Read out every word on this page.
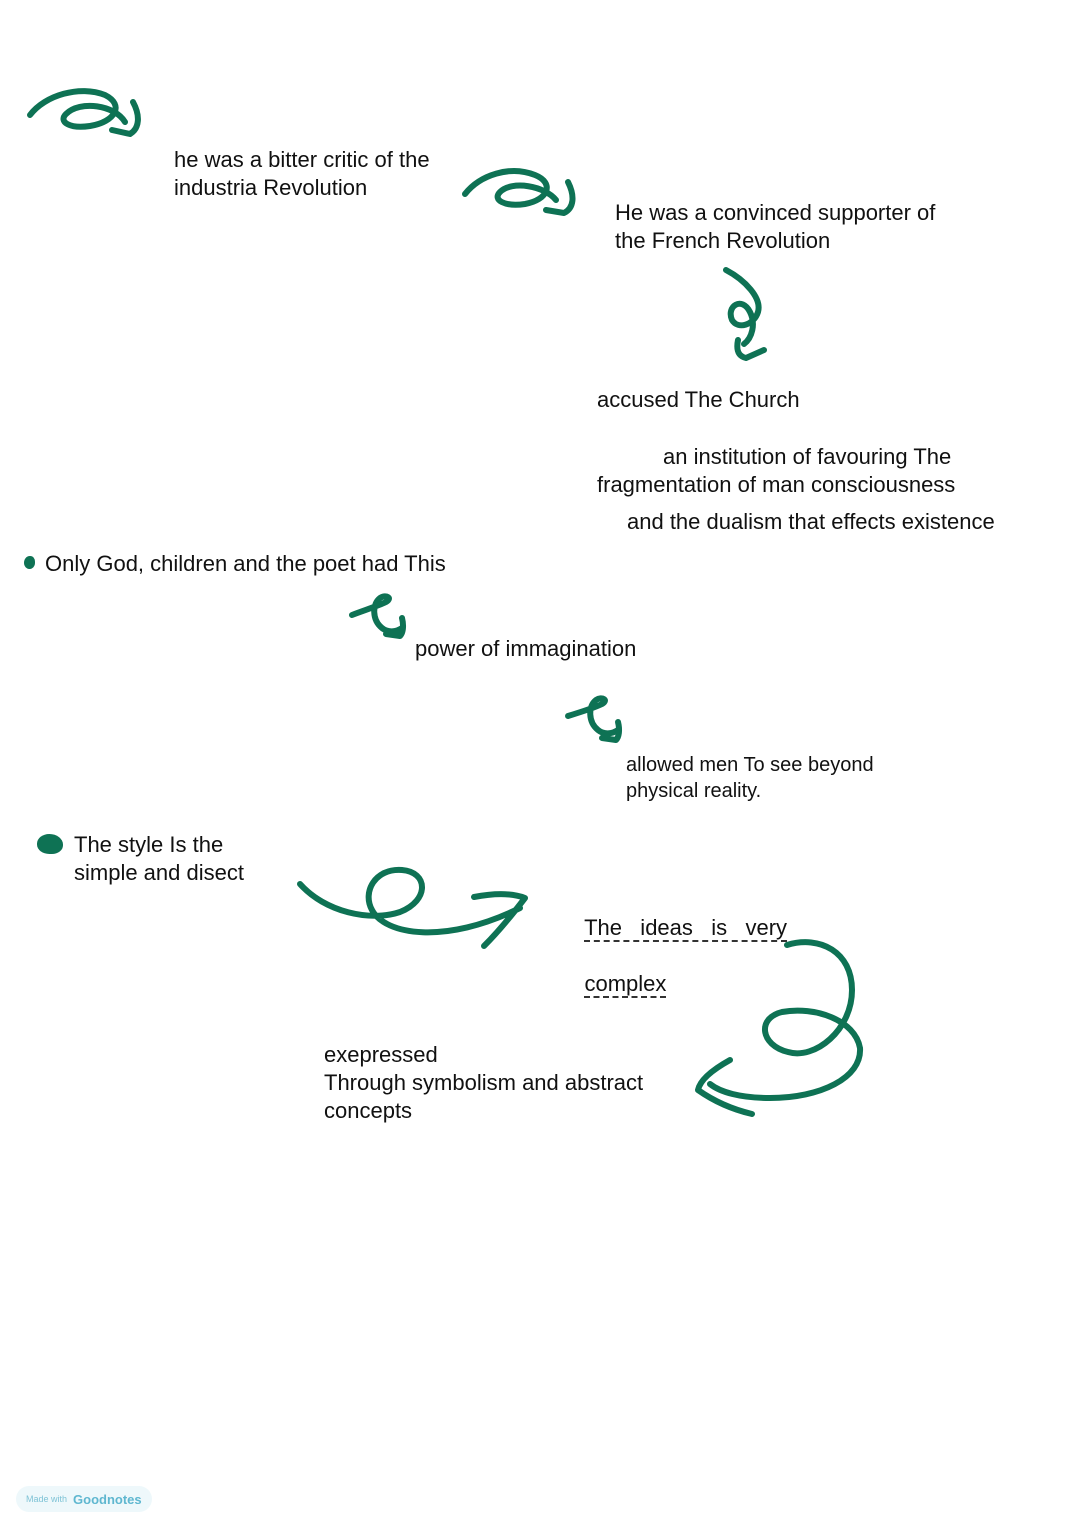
he was a bitter critic of the
industria Revolution

He was a convinced supporter of
the French Revolution

accused The Church

an institution of favouring The

fragmentation of man consciousness

and the dualism that effects existence

Only God, children and the poet had This

power of immagination

allowed men To see beyond
physical reality.

The style Is the
simple and disect

The   ideas   is   very

complex

exepressed
Through symbolism and abstract
concepts

Made with Goodnotes
